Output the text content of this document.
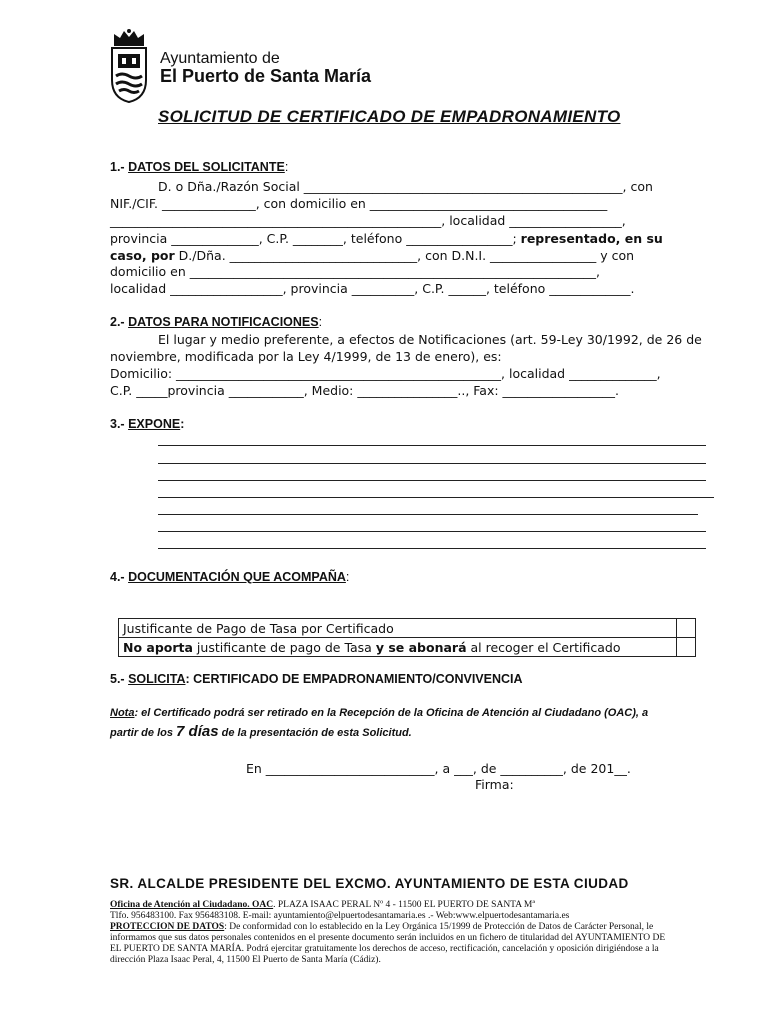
Ayuntamiento de
El Puerto de Santa María
SOLICITUD DE CERTIFICADO DE EMPADRONAMIENTO
1.- DATOS DEL SOLICITANTE:
D. o Dña./Razón Social ___________________________________________________, con
NIF./CIF. _______________, con domicilio en ______________________________________
_____________________________________________________, localidad __________________,
provincia ______________, C.P. ________, teléfono _________________; representado, en su
caso, por D./Dña. ______________________________, con D.N.I. _________________ y con
domicilio en _________________________________________________________________,
localidad __________________, provincia __________, C.P. ______, teléfono _____________.
2.- DATOS PARA NOTIFICACIONES:
El lugar y medio preferente, a efectos de Notificaciones (art. 59-Ley 30/1992, de 26 de
noviembre, modificada por la Ley 4/1999, de 13 de enero), es:
Domicilio: ____________________________________________________, localidad ______________,
C.P. _____provincia ____________, Medio: ________________.., Fax: __________________.
3.- EXPONE:
4.- DOCUMENTACIÓN QUE ACOMPAÑA:
Justificante de Pago de Tasa por Certificado	
No aporta justificante de pago de Tasa y se abonará al recoger el Certificado	
5.- SOLICITA: CERTIFICADO DE EMPADRONAMIENTO/CONVIVENCIA
Nota: el Certificado podrá ser retirado en la Recepción de la Oficina de Atención al Ciudadano (OAC), a
partir de los 7 días de la presentación de esta Solicitud.
En ___________________________, a ___, de __________, de 201__.
Firma:
SR. ALCALDE PRESIDENTE DEL EXCMO. AYUNTAMIENTO DE ESTA CIUDAD
Oficina de Atención al Ciudadano. OAC. PLAZA ISAAC PERAL Nº 4 - 11500 EL PUERTO DE SANTA Mª
Tlfo. 956483100. Fax 956483108. E-mail: ayuntamiento@elpuertodesantamaria.es .- Web:www.elpuertodesantamaria.es
PROTECCION DE DATOS: De conformidad con lo establecido en la Ley Orgánica 15/1999 de Protección de Datos de Carácter Personal, le
informamos que sus datos personales contenidos en el presente documento serán incluidos en un fichero de titularidad del AYUNTAMIENTO DE
EL PUERTO DE SANTA MARÍA. Podrá ejercitar gratuitamente los derechos de acceso, rectificación, cancelación y oposición dirigiéndose a la
dirección Plaza Isaac Peral, 4, 11500 El Puerto de Santa María (Cádiz).
